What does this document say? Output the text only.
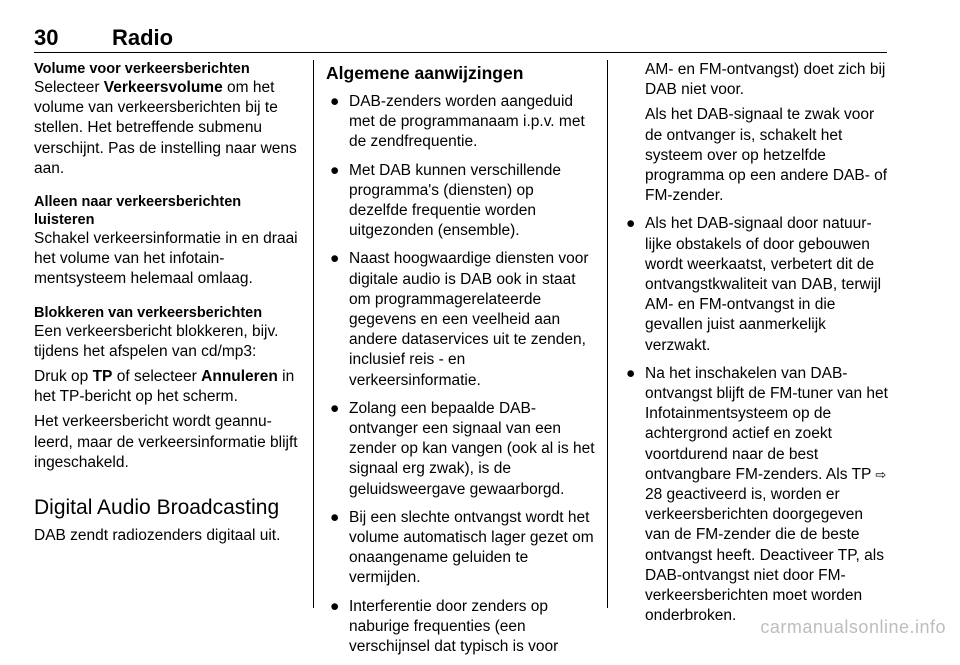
30 Radio
Volume voor verkeersberichten

Selecteer Verkeersvolume om het volume van verkeersberichten bij te stellen. Het betreffende submenu verschijnt. Pas de instelling naar wens aan.

Alleen naar verkeersberichten luisteren

Schakel verkeersinformatie in en draai het volume van het infotainmentsysteem helemaal omlaag.

Blokkeren van verkeersberichten

Een verkeersbericht blokkeren, bijv. tijdens het afspelen van cd/mp3:

Druk op TP of selecteer Annuleren in het TP-bericht op het scherm.

Het verkeersbericht wordt geannuleerd, maar de verkeersinformatie blijft ingeschakeld.

Digital Audio Broadcasting

DAB zendt radiozenders digitaal uit.

Algemene aanwijzingen
● DAB-zenders worden aangeduid met de programmanaam i.p.v. met de zendfrequentie.
● Met DAB kunnen verschillende programma's (diensten) op dezelfde frequentie worden uitgezonden (ensemble).
● Naast hoogwaardige diensten voor digitale audio is DAB ook in staat om programmagerelateerde gegevens en een veelheid aan andere dataservices uit te zenden, inclusief reis - en verkeersinformatie.
● Zolang een bepaalde DAB-ontvanger een signaal van een zender op kan vangen (ook al is het signaal erg zwak), is de geluidsweergave gewaarborgd.
● Bij een slechte ontvangst wordt het volume automatisch lager gezet om onaangename geluiden te vermijden.
● Interferentie door zenders op naburige frequenties (een verschijnsel dat typisch is voor

AM- en FM-ontvangst) doet zich bij DAB niet voor.

Als het DAB-signaal te zwak voor de ontvanger is, schakelt het systeem over op hetzelfde programma op een andere DAB- of FM-zender.

● Als het DAB-signaal door natuurlijke obstakels of door gebouwen wordt weerkaatst, verbetert dit de ontvangstkwaliteit van DAB, terwijl AM- en FM-ontvangst in die gevallen juist aanmerkelijk verzwakt.
● Na het inschakelen van DAB-ontvangst blijft de FM-tuner van het Infotainmentsysteem op de achtergrond actief en zoekt voortdurend naar de best ontvangbare FM-zenders. Als TP ⇨ 28 geactiveerd is, worden er verkeersberichten doorgegeven van de FM-zender die de beste ontvangst heeft. Deactiveer TP, als DAB-ontvangst niet door FM-verkeersberichten moet worden onderbroken.
carmanualsonline.info
